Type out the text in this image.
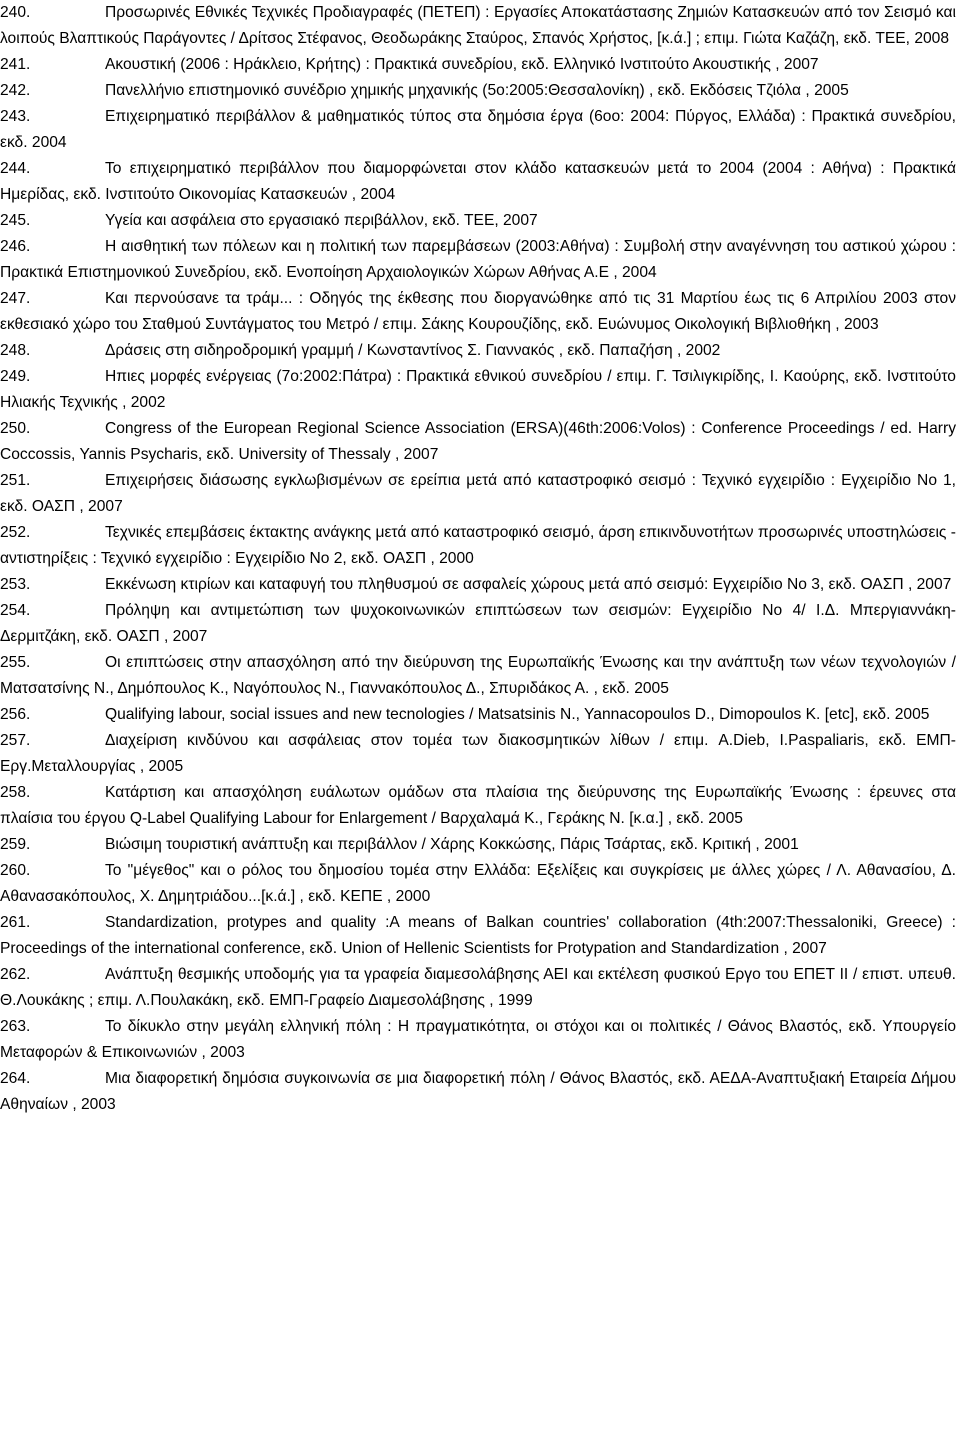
240.	Προσωρινές Εθνικές Τεχνικές Προδιαγραφές (ΠΕΤΕΠ) : Εργασίες Αποκατάστασης Ζημιών Κατασκευών από τον Σεισμό και λοιπούς Βλαπτικούς Παράγοντες / Δρίτσος Στέφανος, Θεοδωράκης Σταύρος, Σπανός Χρήστος, [κ.ά.] ; επιμ. Γιώτα Καζάζη, εκδ. ΤΕΕ, 2008
241.	Ακουστική (2006 : Ηράκλειο, Κρήτης) : Πρακτικά συνεδρίου, εκδ. Ελληνικό Ινστιτούτο Ακουστικής , 2007
242.	Πανελλήνιο επιστημονικό συνέδριο χημικής μηχανικής (5ο:2005:Θεσσαλονίκη) , εκδ. Εκδόσεις Τζιόλα , 2005
243.	Επιχειρηματικό περιβάλλον & μαθηματικός τύπος στα δημόσια έργα (6οο: 2004: Πύργος, Ελλάδα) : Πρακτικά συνεδρίου, εκδ. 2004
244.	Το επιχειρηματικό περιβάλλον που διαμορφώνεται στον κλάδο κατασκευών μετά το 2004 (2004 : Αθήνα) : Πρακτικά Ημερίδας, εκδ. Ινστιτούτο Οικονομίας Κατασκευών , 2004
245.	Υγεία και ασφάλεια στο εργασιακό περιβάλλον, εκδ. ΤΕΕ, 2007
246.	Η αισθητική των πόλεων και η πολιτική των παρεμβάσεων (2003:Αθήνα) : Συμβολή στην αναγέννηση του αστικού χώρου : Πρακτικά Επιστημονικού Συνεδρίου, εκδ. Ενοποίηση Αρχαιολογικών Χώρων Αθήνας Α.Ε , 2004
247.	Και περνούσανε τα τράμ... : Οδηγός της έκθεσης που διοργανώθηκε από τις 31 Μαρτίου έως τις 6 Απριλίου 2003 στον εκθεσιακό χώρο του Σταθμού Συντάγματος του Μετρό / επιμ. Σάκης Κουρουζίδης, εκδ. Ευώνυμος Οικολογική Βιβλιοθήκη , 2003
248.	Δράσεις στη σιδηροδρομική γραμμή / Κωνσταντίνος Σ. Γιαννακός , εκδ. Παπαζήση , 2002
249.	Ηπιες μορφές ενέργειας (7ο:2002:Πάτρα) : Πρακτικά εθνικού συνεδρίου / επιμ. Γ. Τσιλιγκιρίδης, Ι. Καούρης, εκδ. Ινστιτούτο Ηλιακής Τεχνικής , 2002
250.	Congress of the European Regional Science Association (ERSA)(46th:2006:Volos) : Conference Proceedings / ed. Harry Coccossis, Yannis Psycharis, εκδ. University of Thessaly , 2007
251.	Επιχειρήσεις διάσωσης εγκλωβισμένων σε ερείπια μετά από καταστροφικό σεισμό : Τεχνικό εγχειρίδιο : Εγχειρίδιο Νο 1, εκδ. ΟΑΣΠ , 2007
252.	Τεχνικές επεμβάσεις έκτακτης ανάγκης μετά από καταστροφικό σεισμό, άρση επικινδυνοτήτων προσωρινές υποστηλώσεις - αντιστηρίξεις : Τεχνικό εγχειρίδιο : Εγχειρίδιο Νο 2, εκδ. ΟΑΣΠ , 2000
253.	Εκκένωση κτιρίων και καταφυγή του πληθυσμού σε ασφαλείς χώρους μετά από σεισμό: Εγχειρίδιο Νο 3, εκδ. ΟΑΣΠ , 2007
254.	Πρόληψη και αντιμετώπιση των ψυχοκοινωνικών επιπτώσεων των σεισμών: Εγχειρίδιο Νο 4/ Ι.Δ. Μπεργιαννάκη-Δερμιτζάκη, εκδ. ΟΑΣΠ , 2007
255.	Οι επιπτώσεις στην απασχόληση από την διεύρυνση της Ευρωπαϊκής Ένωσης και την ανάπτυξη των νέων τεχνολογιών / Ματσατσίνης Ν., Δημόπουλος Κ., Ναγόπουλος Ν., Γιαννακόπουλος Δ., Σπυριδάκος Α. , εκδ. 2005
256.	Qualifying labour, social issues and new tecnologies / Matsatsinis N., Yannacopoulos D., Dimopoulos K. [etc], εκδ. 2005
257.	Διαχείριση κινδύνου και ασφάλειας στον τομέα των διακοσμητικών λίθων / επιμ. A.Dieb, I.Paspaliaris, εκδ. ΕΜΠ-Εργ.Μεταλλουργίας , 2005
258.	Κατάρτιση και απασχόληση ευάλωτων ομάδων στα πλαίσια της διεύρυνσης της Ευρωπαϊκής Ένωσης : έρευνες στα πλαίσια του έργου Q-Label Qualifying Labour for Enlargement / Βαρχαλαμά Κ., Γεράκης Ν. [κ.α.] , εκδ. 2005
259.	Βιώσιμη τουριστική ανάπτυξη και περιβάλλον / Χάρης Κοκκώσης, Πάρις Τσάρτας, εκδ. Κριτική , 2001
260.	Το "μέγεθος" και ο ρόλος του δημοσίου τομέα στην Ελλάδα: Εξελίξεις και συγκρίσεις με άλλες χώρες / Λ. Αθανασίου, Δ. Αθανασακόπουλος, Χ. Δημητριάδου...[κ.ά.] , εκδ. ΚΕΠΕ , 2000
261.	Standardization, protypes and quality :A means of Balkan countries' collaboration (4th:2007:Thessaloniki, Greece) : Proceedings of the international conference, εκδ. Union of Hellenic Scientists for Protypation and Standardization , 2007
262.	Ανάπτυξη θεσμικής υποδομής για τα γραφεία διαμεσολάβησης ΑΕΙ και εκτέλεση φυσικού Εργο του ΕΠΕΤ ΙΙ / επιστ. υπευθ. Θ.Λουκάκης ; επιμ. Λ.Πουλακάκη, εκδ. ΕΜΠ-Γραφείο Διαμεσολάβησης , 1999
263.	Το δίκυκλο στην μεγάλη ελληνική πόλη : Η πραγματικότητα, οι στόχοι και οι πολιτικές / Θάνος Βλαστός, εκδ. Υπουργείο Μεταφορών & Επικοινωνιών , 2003
264.	Μια διαφορετική δημόσια συγκοινωνία σε μια διαφορετική πόλη / Θάνος Βλαστός, εκδ. ΑΕΔΑ-Αναπτυξιακή Εταιρεία Δήμου Αθηναίων , 2003
